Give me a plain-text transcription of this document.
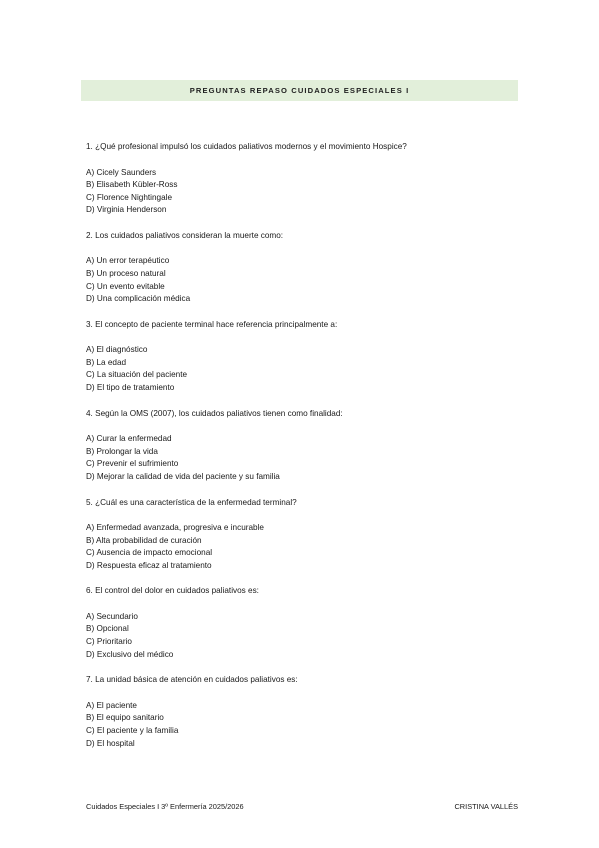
PREGUNTAS REPASO CUIDADOS ESPECIALES I

1. ¿Qué profesional impulsó los cuidados paliativos modernos y el movimiento Hospice?

A) Cicely Saunders
B) Elisabeth Kübler-Ross
C) Florence Nightingale
D) Virginia Henderson

2. Los cuidados paliativos consideran la muerte como:

A) Un error terapéutico
B) Un proceso natural
C) Un evento evitable
D) Una complicación médica

3. El concepto de paciente terminal hace referencia principalmente a:

A) El diagnóstico
B) La edad
C) La situación del paciente
D) El tipo de tratamiento

4. Según la OMS (2007), los cuidados paliativos tienen como finalidad:

A) Curar la enfermedad
B) Prolongar la vida
C) Prevenir el sufrimiento
D) Mejorar la calidad de vida del paciente y su familia

5. ¿Cuál es una característica de la enfermedad terminal?

A) Enfermedad avanzada, progresiva e incurable
B) Alta probabilidad de curación
C) Ausencia de impacto emocional
D) Respuesta eficaz al tratamiento

6. El control del dolor en cuidados paliativos es:

A) Secundario
B) Opcional
C) Prioritario
D) Exclusivo del médico

7. La unidad básica de atención en cuidados paliativos es:

A) El paciente
B) El equipo sanitario
C) El paciente y la familia
D) El hospital
Cuidados Especiales I 3º Enfermería 2025/2026	CRISTINA VALLÉS
